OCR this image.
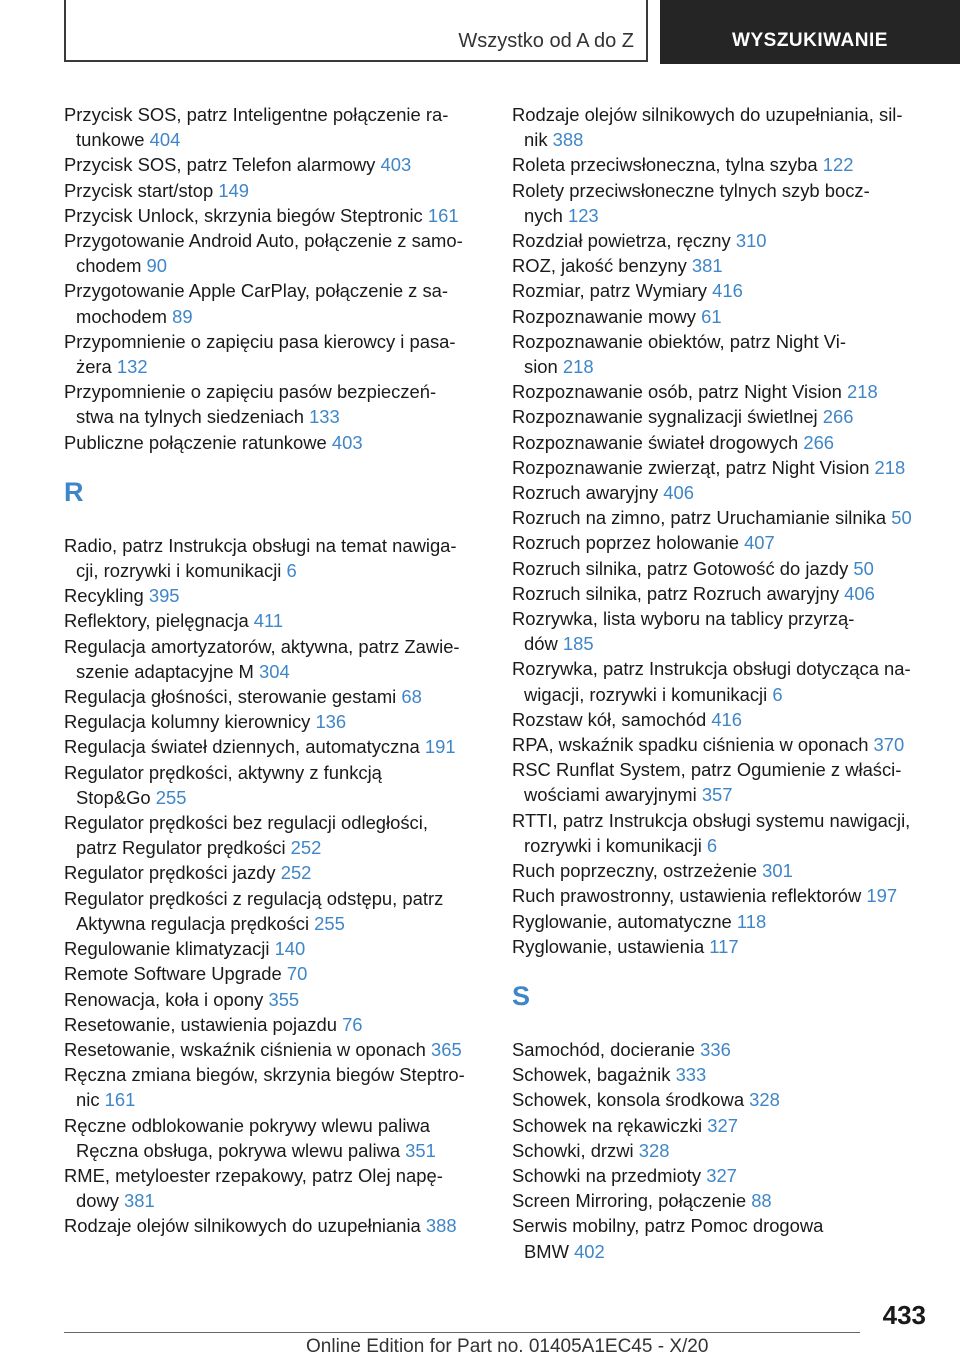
Wszystko od A do Z	WYSZUKIWANIE
Przycisk SOS, patrz Inteligentne połączenie ra-
tunkowe 404
Przycisk SOS, patrz Telefon alarmowy 403
Przycisk start/stop 149
Przycisk Unlock, skrzynia biegów Steptronic 161
Przygotowanie Android Auto, połączenie z samo-
chodem 90
Przygotowanie Apple CarPlay, połączenie z sa-
mochodem 89
Przypomnienie o zapięciu pasa kierowcy i pasa-
żera 132
Przypomnienie o zapięciu pasów bezpieczeń-
stwa na tylnych siedzeniach 133
Publiczne połączenie ratunkowe 403
R
Radio, patrz Instrukcja obsługi na temat nawiga-
cji, rozrywki i komunikacji 6
Recykling 395
Reflektory, pielęgnacja 411
Regulacja amortyzatorów, aktywna, patrz Zawie-
szenie adaptacyjne M 304
Regulacja głośności, sterowanie gestami 68
Regulacja kolumny kierownicy 136
Regulacja świateł dziennych, automatyczna 191
Regulator prędkości, aktywny z funkcją
Stop&Go 255
Regulator prędkości bez regulacji odległości,
patrz Regulator prędkości 252
Regulator prędkości jazdy 252
Regulator prędkości z regulacją odstępu, patrz
Aktywna regulacja prędkości 255
Regulowanie klimatyzacji 140
Remote Software Upgrade 70
Renowacja, koła i opony 355
Resetowanie, ustawienia pojazdu 76
Resetowanie, wskaźnik ciśnienia w oponach 365
Ręczna zmiana biegów, skrzynia biegów Steptro-
nic 161
Ręczne odblokowanie pokrywy wlewu paliwa
Ręczna obsługa, pokrywa wlewu paliwa 351
RME, metyloester rzepakowy, patrz Olej napę-
dowy 381
Rodzaje olejów silnikowych do uzupełniania 388
Rodzaje olejów silnikowych do uzupełniania, sil-
nik 388
Roleta przeciwsłoneczna, tylna szyba 122
Rolety przeciwsłoneczne tylnych szyb bocz-
nych 123
Rozdział powietrza, ręczny 310
ROZ, jakość benzyny 381
Rozmiar, patrz Wymiary 416
Rozpoznawanie mowy 61
Rozpoznawanie obiektów, patrz Night Vi-
sion 218
Rozpoznawanie osób, patrz Night Vision 218
Rozpoznawanie sygnalizacji świetlnej 266
Rozpoznawanie świateł drogowych 266
Rozpoznawanie zwierząt, patrz Night Vision 218
Rozruch awaryjny 406
Rozruch na zimno, patrz Uruchamianie silnika 50
Rozruch poprzez holowanie 407
Rozruch silnika, patrz Gotowość do jazdy 50
Rozruch silnika, patrz Rozruch awaryjny 406
Rozrywka, lista wyboru na tablicy przyrzą-
dów 185
Rozrywka, patrz Instrukcja obsługi dotycząca na-
wigacji, rozrywki i komunikacji 6
Rozstaw kół, samochód 416
RPA, wskaźnik spadku ciśnienia w oponach 370
RSC Runflat System, patrz Ogumienie z właści-
wościami awaryjnymi 357
RTTI, patrz Instrukcja obsługi systemu nawigacji,
rozrywki i komunikacji 6
Ruch poprzeczny, ostrzeżenie 301
Ruch prawostronny, ustawienia reflektorów 197
Ryglowanie, automatyczne 118
Ryglowanie, ustawienia 117
S
Samochód, docieranie 336
Schowek, bagażnik 333
Schowek, konsola środkowa 328
Schowek na rękawiczki 327
Schowki, drzwi 328
Schowki na przedmioty 327
Screen Mirroring, połączenie 88
Serwis mobilny, patrz Pomoc drogowa
BMW 402
433
Online Edition for Part no. 01405A1EC45 - X/20
